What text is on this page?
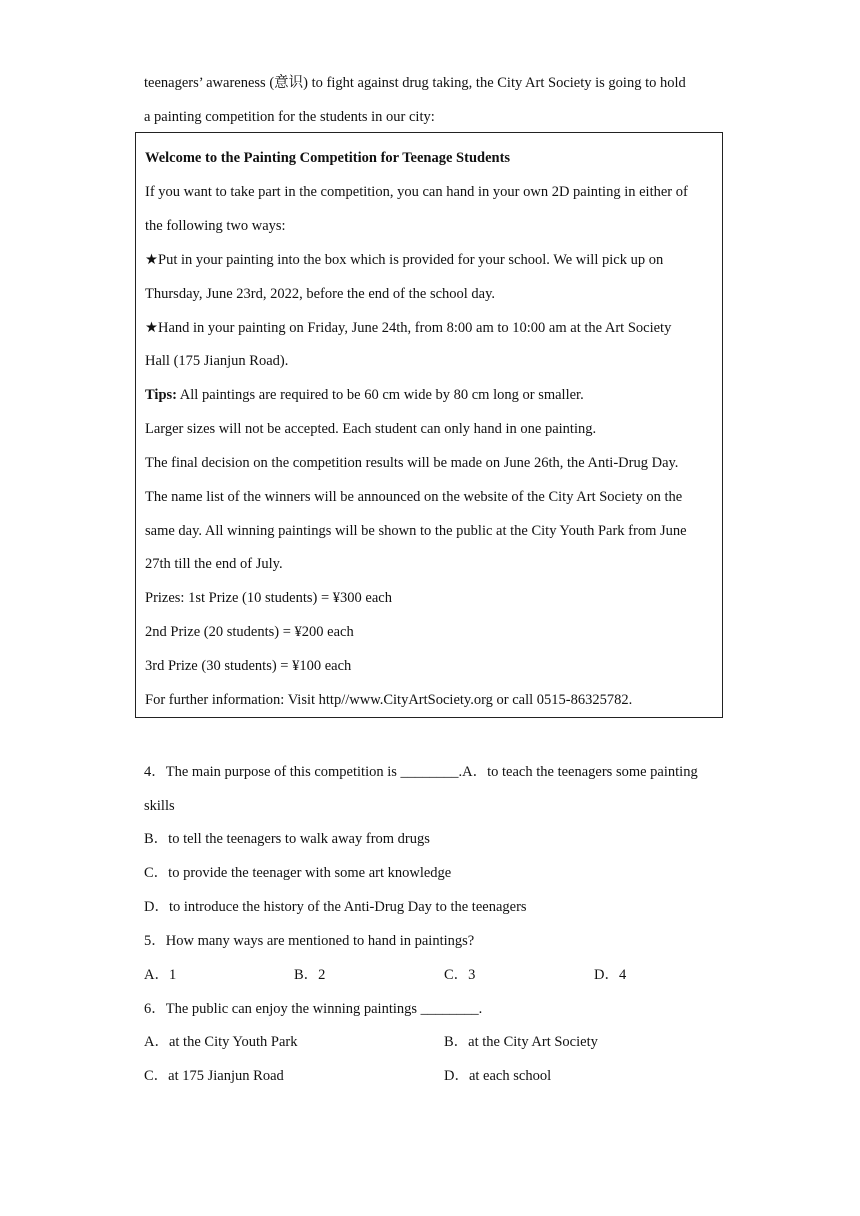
teenagers’ awareness (意识) to fight against drug taking, the City Art Society is going to hold
a painting competition for the students in our city:
Welcome to the Painting Competition for Teenage Students
If you want to take part in the competition, you can hand in your own 2D painting in either of
the following two ways:
★Put in your painting into the box which is provided for your school. We will pick up on
Thursday, June 23rd, 2022, before the end of the school day.
★Hand in your painting on Friday, June 24th, from 8:00 am to 10:00 am at the Art Society
Hall (175 Jianjun Road).
Tips: All paintings are required to be 60 cm wide by 80 cm long or smaller.
Larger sizes will not be accepted. Each student can only hand in one painting.
The final decision on the competition results will be made on June 26th, the Anti-Drug Day.
The name list of the winners will be announced on the website of the City Art Society on the
same day. All winning paintings will be shown to the public at the City Youth Park from June
27th till the end of July.
Prizes: 1st Prize (10 students) = ¥300 each
2nd Prize (20 students) = ¥200 each
3rd Prize (30 students) = ¥100 each
For further information: Visit http//www.CityArtSociety.org or call 0515-86325782.
4．The main purpose of this competition is ________.A．to teach the teenagers some painting
skills
B．to tell the teenagers to walk away from drugs
C．to provide the teenager with some art knowledge
D．to introduce the history of the Anti-Drug Day to the teenagers
5．How many ways are mentioned to hand in paintings?
A．1	B．2	C．3	D．4
6．The public can enjoy the winning paintings ________.
A．at the City Youth Park	B．at the City Art Society
C．at 175 Jianjun Road	D．at each school
